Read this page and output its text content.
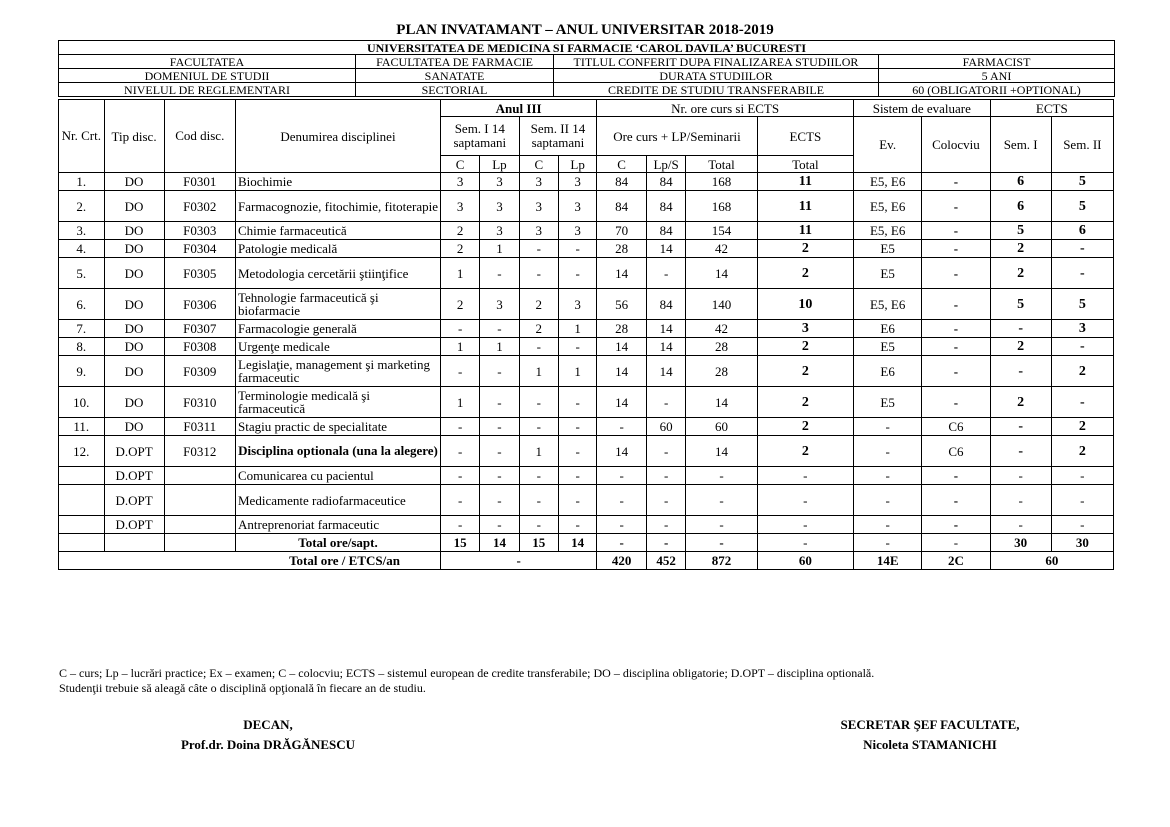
PLAN INVATAMANT – ANUL UNIVERSITAR 2018-2019
UNIVERSITATEA DE MEDICINA SI FARMACIE ‘CAROL DAVILA’ BUCURESTI			
FACULTATEA	FACULTATEA DE FARMACIE	TITLUL CONFERIT DUPA FINALIZAREA STUDIILOR	FARMACIST
DOMENIUL DE STUDII	SANATATE	DURATA STUDIILOR	5 ANI
NIVELUL DE REGLEMENTARI	SECTORIAL	CREDITE DE STUDIU TRANSFERABILE	60 (OBLIGATORII +OPTIONAL)
Nr. Crt.	Tip disc.	Cod disc.	Denumirea disciplinei	Anul III				Nr. ore curs si ECTS				Sistem de evaluare		ECTS	
				Sem. I 14 saptamani		Sem. II 14 saptamani		Ore curs + LP/Seminarii			ECTS	Ev.	Colocviu	Sem. I	Sem. II
				C	Lp	C	Lp	C	Lp/S	Total	Total				
1.	DO	F0301	Biochimie	3	3	3	3	84	84	168	11	E5, E6	-	6	5
2.	DO	F0302	Farmacognozie, fitochimie, fitoterapie	3	3	3	3	84	84	168	11	E5, E6	-	6	5
3.	DO	F0303	Chimie farmaceutică	2	3	3	3	70	84	154	11	E5, E6	-	5	6
4.	DO	F0304	Patologie medicală	2	1	-	-	28	14	42	2	E5	-	2	-
5.	DO	F0305	Metodologia cercetării ştiinţifice	1	-	-	-	14	-	14	2	E5	-	2	-
6.	DO	F0306	Tehnologie farmaceutică şi biofarmacie	2	3	2	3	56	84	140	10	E5, E6	-	5	5
7.	DO	F0307	Farmacologie generală	-	-	2	1	28	14	42	3	E6	-	-	3
8.	DO	F0308	Urgenţe medicale	1	1	-	-	14	14	28	2	E5	-	2	-
9.	DO	F0309	Legislaţie, management şi marketing farmaceutic	-	-	1	1	14	14	28	2	E6	-	-	2
10.	DO	F0310	Terminologie medicală şi farmaceutică	1	-	-	-	14	-	14	2	E5	-	2	-
11.	DO	F0311	Stagiu practic de specialitate	-	-	-	-	-	60	60	2	-	C6	-	2
12.	D.OPT	F0312	Disciplina optionala (una la alegere)	-	-	1	-	14	-	14	2	-	C6	-	2
	D.OPT		Comunicarea cu pacientul	-	-	-	-	-	-	-	-	-	-	-	-
	D.OPT		Medicamente radiofarmaceutice	-	-	-	-	-	-	-	-	-	-	-	-
	D.OPT		Antreprenoriat farmaceutic	-	-	-	-	-	-	-	-	-	-	-	-
			Total ore/sapt.	15	14	15	14	-	-	-	-	-	-	30	30
Total ore / ETCS/an				-				420	452	872	60	14E	2C	60	
C – curs; Lp – lucrări practice; Ex – examen; C – colocviu; ECTS – sistemul european de credite transferabile; DO – disciplina obligatorie; D.OPT – disciplina optională.
Studenţii trebuie să aleagă câte o disciplină opţională în fiecare an de studiu.
DECAN,
Prof.dr. Doina DRĂGĂNESCU
SECRETAR ŞEF FACULTATE,
Nicoleta STAMANICHI
